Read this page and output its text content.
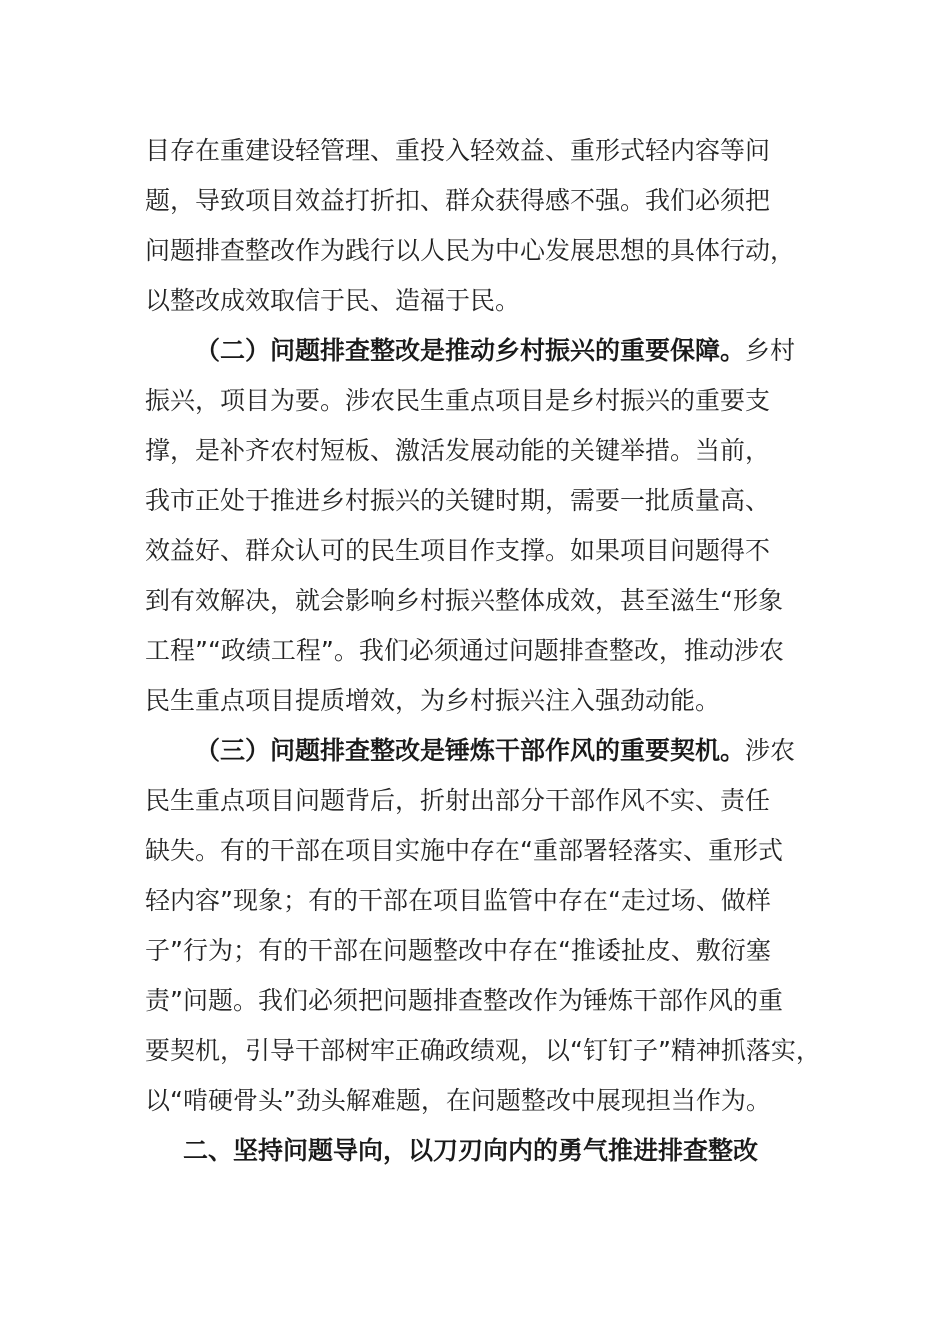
目存在重建设轻管理、重投入轻效益、重形式轻内容等问
题，导致项目效益打折扣、群众获得感不强。我们必须把
问题排查整改作为践行以人民为中心发展思想的具体行动，
以整改成效取信于民、造福于民。
（二）问题排查整改是推动乡村振兴的重要保障。乡村
振兴，项目为要。涉农民生重点项目是乡村振兴的重要支
撑，是补齐农村短板、激活发展动能的关键举措。当前，
我市正处于推进乡村振兴的关键时期，需要一批质量高、
效益好、群众认可的民生项目作支撑。如果项目问题得不
到有效解决，就会影响乡村振兴整体成效，甚至滋生“形象
工程”“政绩工程”。我们必须通过问题排查整改，推动涉农
民生重点项目提质增效，为乡村振兴注入强劲动能。
（三）问题排查整改是锤炼干部作风的重要契机。涉农
民生重点项目问题背后，折射出部分干部作风不实、责任
缺失。有的干部在项目实施中存在“重部署轻落实、重形式
轻内容”现象；有的干部在项目监管中存在“走过场、做样
子”行为；有的干部在问题整改中存在“推诿扯皮、敷衍塞
责”问题。我们必须把问题排查整改作为锤炼干部作风的重
要契机，引导干部树牢正确政绩观，以“钉钉子”精神抓落实，
以“啃硬骨头”劲头解难题，在问题整改中展现担当作为。
二、坚持问题导向，以刀刃向内的勇气推进排查整改
